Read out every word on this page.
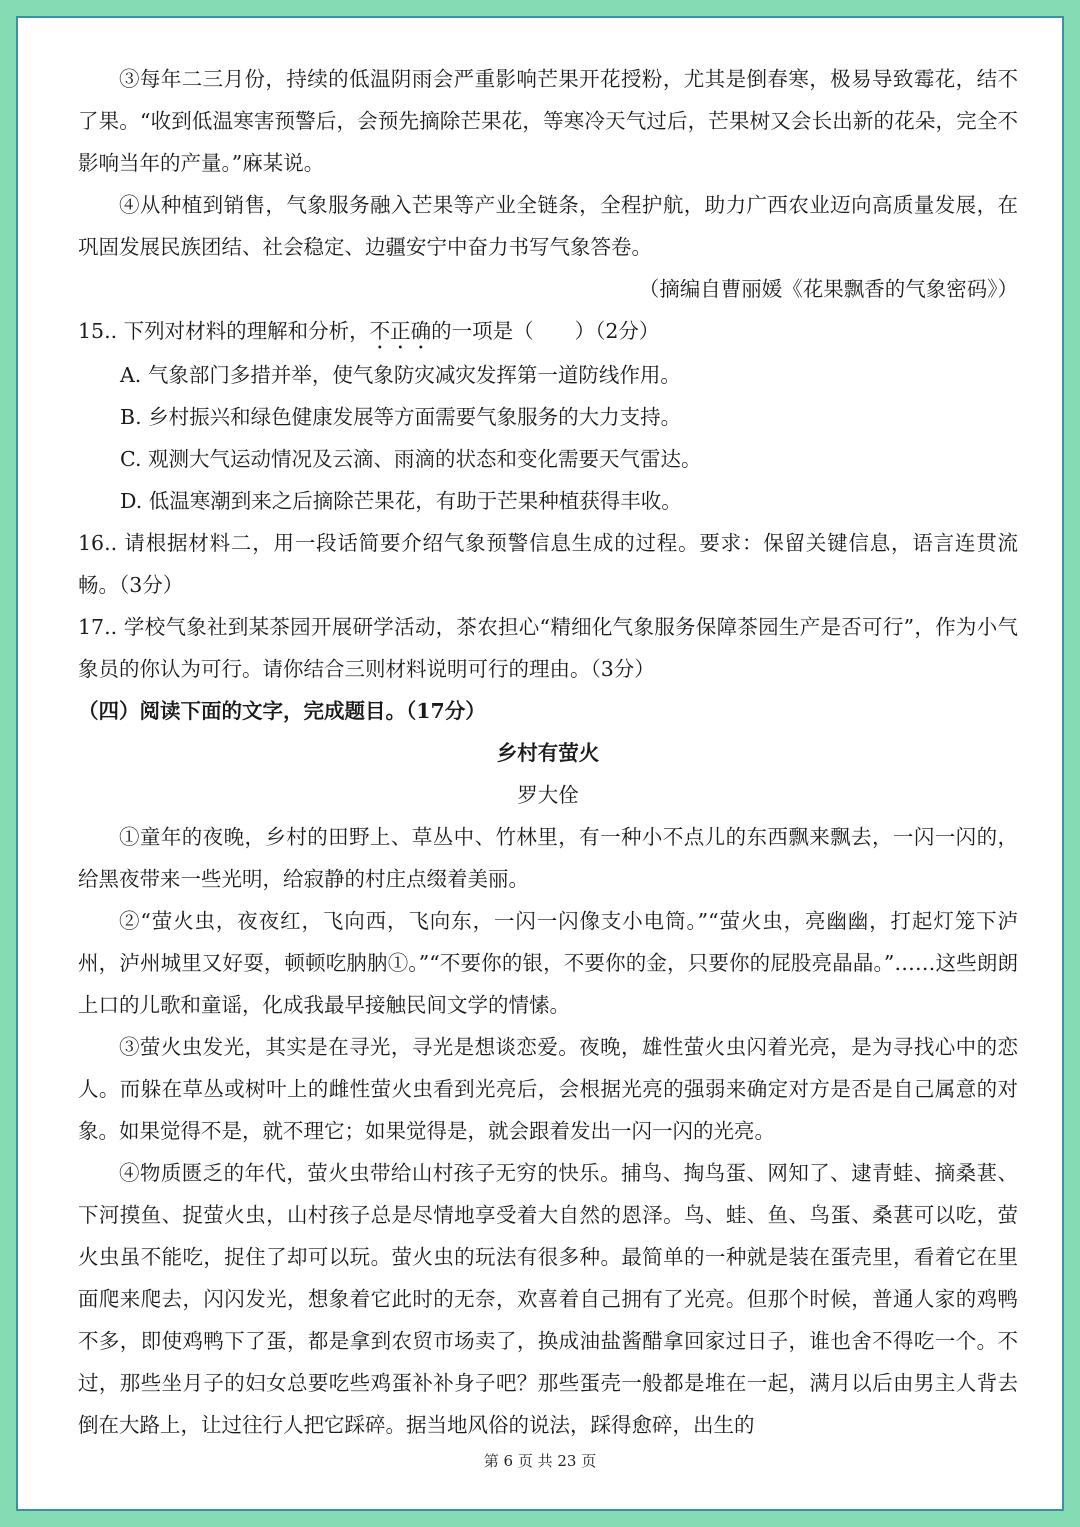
③每年二三月份，持续的低温阴雨会严重影响芒果开花授粉，尤其是倒春寒，极易导致霉花，结不了果。“收到低温寒害预警后，会预先摘除芒果花，等寒冷天气过后，芒果树又会长出新的花朵，完全不影响当年的产量。”麻某说。

④从种植到销售，气象服务融入芒果等产业全链条，全程护航，助力广西农业迈向高质量发展，在巩固发展民族团结、社会稳定、边疆安宁中奋力书写气象答卷。

（摘编自曹丽媛《花果飘香的气象密码》）

15.. 下列对材料的理解和分析，不正确的一项是（　　）（2分）

A. 气象部门多措并举，使气象防灾减灾发挥第一道防线作用。

B. 乡村振兴和绿色健康发展等方面需要气象服务的大力支持。

C. 观测大气运动情况及云滴、雨滴的状态和变化需要天气雷达。

D. 低温寒潮到来之后摘除芒果花，有助于芒果种植获得丰收。

16.. 请根据材料二，用一段话简要介绍气象预警信息生成的过程。要求：保留关键信息，语言连贯流畅。（3分）

17.. 学校气象社到某茶园开展研学活动，茶农担心“精细化气象服务保障茶园生产是否可行”，作为小气象员的你认为可行。请你结合三则材料说明可行的理由。（3分）

（四）阅读下面的文字，完成题目。（17分）

乡村有萤火

罗大佺

①童年的夜晚，乡村的田野上、草丛中、竹林里，有一种小不点儿的东西飘来飘去，一闪一闪的，给黑夜带来一些光明，给寂静的村庄点缀着美丽。

②“萤火虫，夜夜红，飞向西，飞向东，一闪一闪像支小电筒。”“萤火虫，亮幽幽，打起灯笼下泸州，泸州城里又好耍，顿顿吃肭肭①。”“不要你的银，不要你的金，只要你的屁股亮晶晶。”……这些朗朗上口的儿歌和童谣，化成我最早接触民间文学的情愫。

③萤火虫发光，其实是在寻光，寻光是想谈恋爱。夜晚，雄性萤火虫闪着光亮，是为寻找心中的恋人。而躲在草丛或树叶上的雌性萤火虫看到光亮后，会根据光亮的强弱来确定对方是否是自己属意的对象。如果觉得不是，就不理它；如果觉得是，就会跟着发出一闪一闪的光亮。

④物质匮乏的年代，萤火虫带给山村孩子无穷的快乐。捕鸟、掏鸟蛋、网知了、逮青蛙、摘桑葚、下河摸鱼、捉萤火虫，山村孩子总是尽情地享受着大自然的恩泽。鸟、蛙、鱼、鸟蛋、桑葚可以吃，萤火虫虽不能吃，捉住了却可以玩。萤火虫的玩法有很多种。最简单的一种就是装在蛋壳里，看着它在里面爬来爬去，闪闪发光，想象着它此时的无奈，欢喜着自己拥有了光亮。但那个时候，普通人家的鸡鸭不多，即使鸡鸭下了蛋，都是拿到农贸市场卖了，换成油盐酱醋拿回家过日子，谁也舍不得吃一个。不过，那些坐月子的妇女总要吃些鸡蛋补补身子吧？那些蛋壳一般都是堆在一起，满月以后由男主人背去倒在大路上，让过往行人把它踩碎。据当地风俗的说法，踩得愈碎，出生的

第 6 页 共 23 页
